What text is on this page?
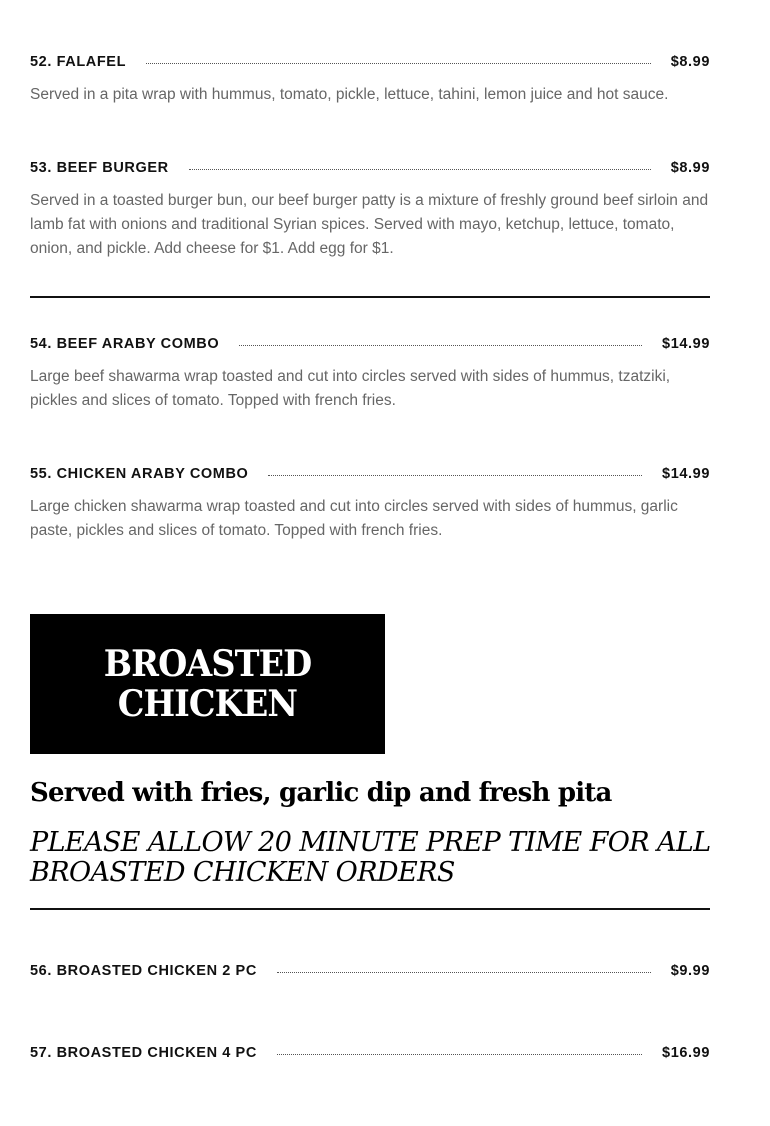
52. FALAFEL	$8.99
Served in a pita wrap with hummus, tomato, pickle, lettuce, tahini, lemon juice and hot sauce.
53. BEEF BURGER	$8.99
Served in a toasted burger bun, our beef burger patty is a mixture of freshly ground beef sirloin and lamb fat with onions and traditional Syrian spices. Served with mayo, ketchup, lettuce, tomato, onion, and pickle. Add cheese for $1. Add egg for $1.
54. BEEF ARABY COMBO	$14.99
Large beef shawarma wrap toasted and cut into circles served with sides of hummus, tzatziki, pickles and slices of tomato. Topped with french fries.
55. CHICKEN ARABY COMBO	$14.99
Large chicken shawarma wrap toasted and cut into circles served with sides of hummus, garlic paste, pickles and slices of tomato. Topped with french fries.
BROASTED
CHICKEN
Served with fries, garlic dip and fresh pita
PLEASE ALLOW 20 MINUTE PREP TIME FOR ALL BROASTED CHICKEN ORDERS
56. BROASTED CHICKEN 2 PC	$9.99
57. BROASTED CHICKEN 4 PC	$16.99
